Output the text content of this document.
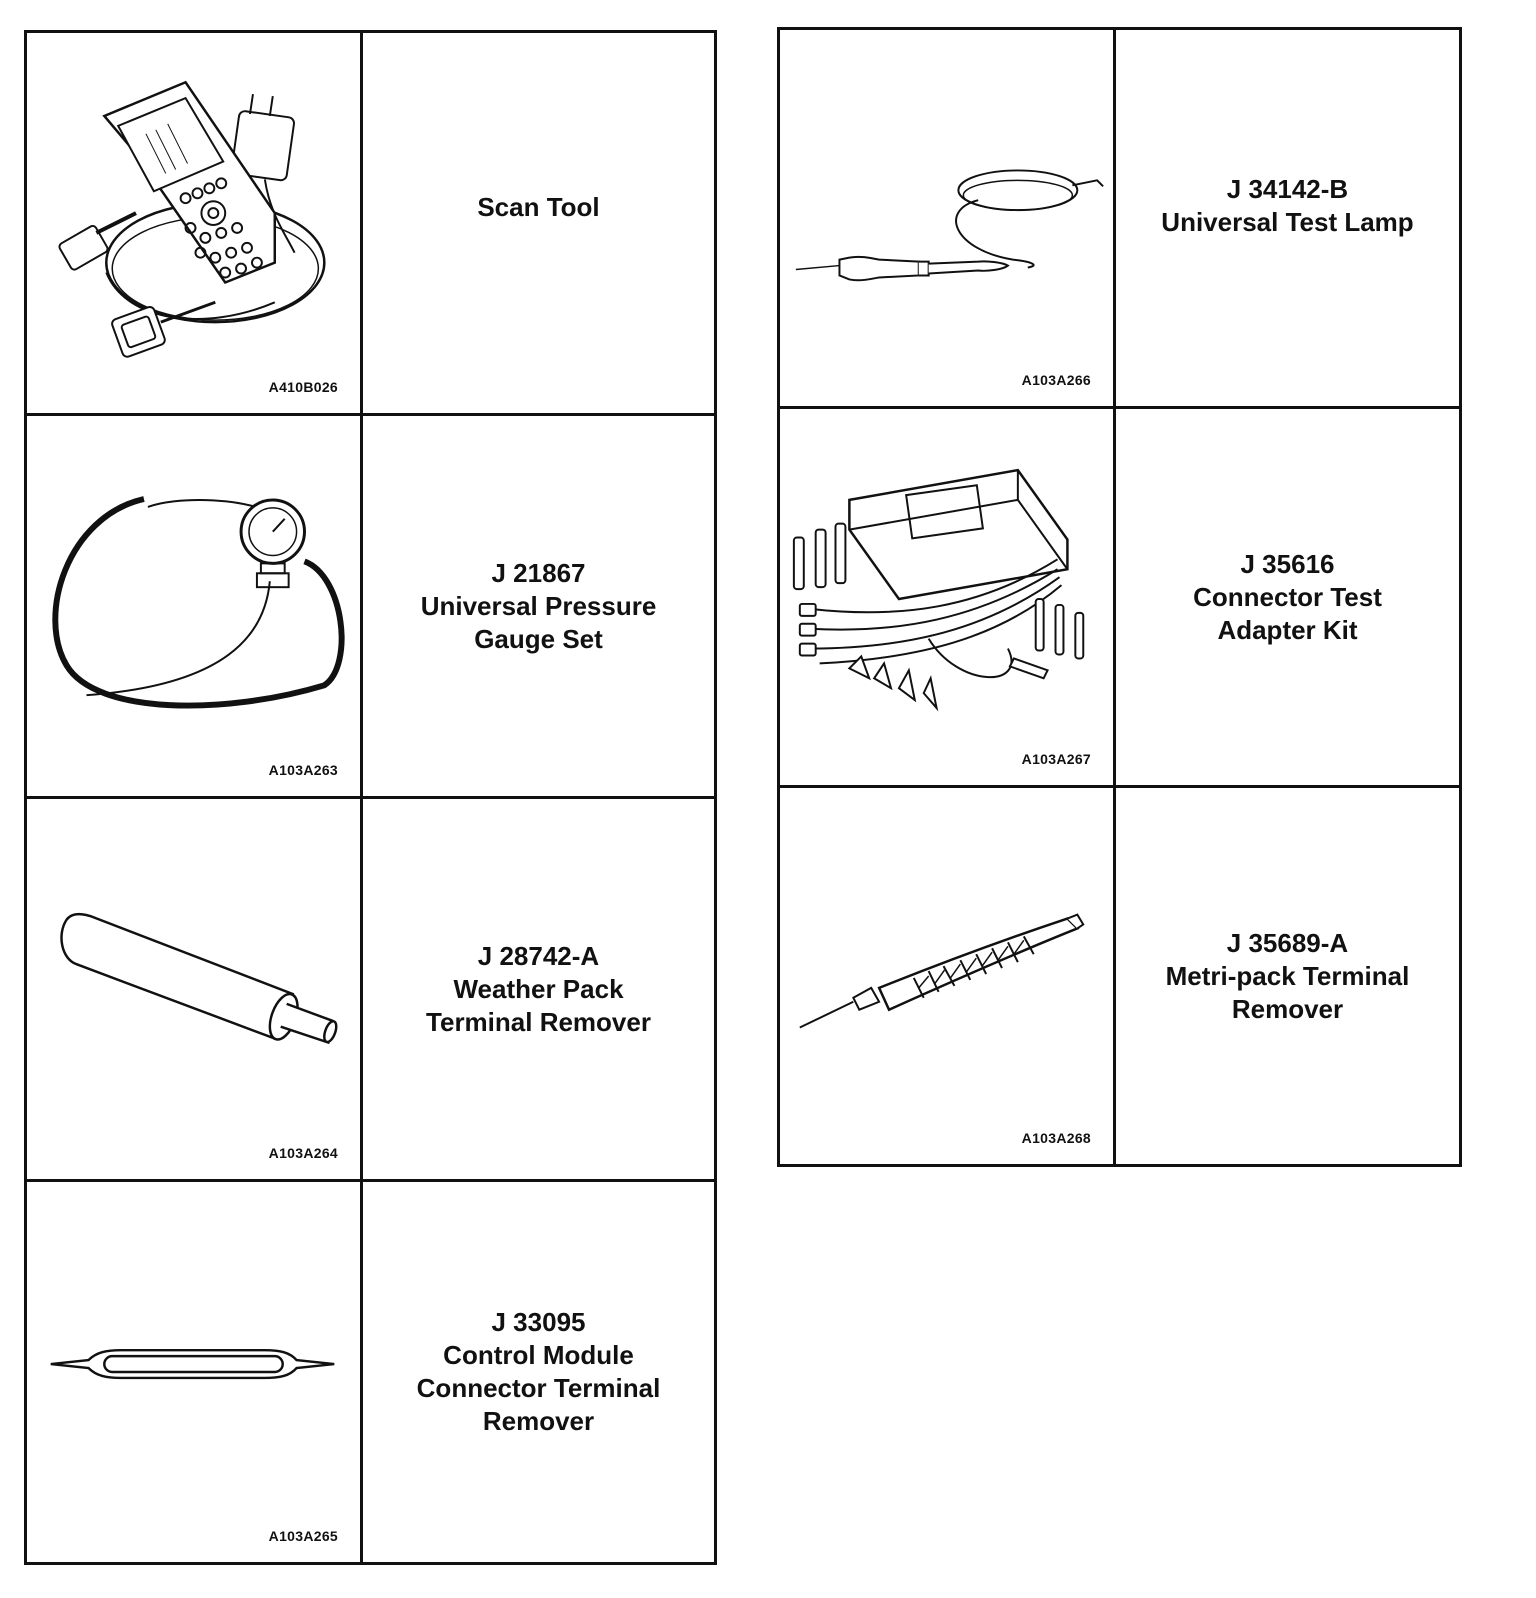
A410B026	Scan Tool

A103A263	J 21867
Universal Pressure
Gauge Set

A103A264	J 28742-A
Weather Pack
Terminal Remover

A103A265	J 33095
Control Module
Connector Terminal
Remover
A103A266	J 34142-B
Universal Test Lamp

A103A267	J 35616
Connector Test
Adapter Kit

A103A268	J 35689-A
Metri-pack Terminal
Remover
